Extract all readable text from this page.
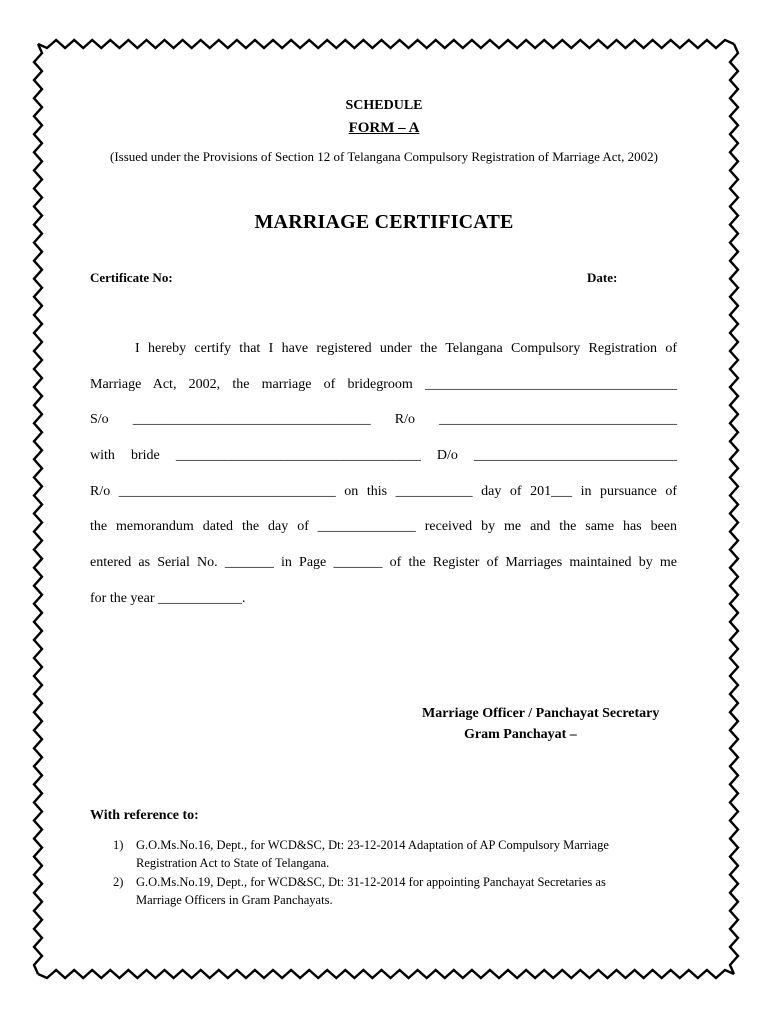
SCHEDULE

FORM – A

(Issued under the Provisions of Section 12 of Telangana Compulsory Registration of Marriage Act, 2002)

MARRIAGE CERTIFICATE

Certificate No:	Date:

I hereby certify that I have registered under the Telangana Compulsory Registration of

Marriage Act, 2002, the marriage of bridegroom ____________________________________

S/o __________________________________ R/o __________________________________

with bride ___________________________________ D/o _____________________________

R/o _______________________________ on this ___________ day of 201___ in pursuance of

the memorandum dated the day of ______________ received by me and the same has been

entered as Serial No. _______ in Page _______ of the Register of Marriages maintained by me

for the year ____________.

Marriage Officer / Panchayat Secretary

Gram Panchayat –

With reference to:

1) G.O.Ms.No.16, Dept., for WCD&SC, Dt: 23-12-2014 Adaptation of AP Compulsory Marriage
Registration Act to State of Telangana.
2) G.O.Ms.No.19, Dept., for WCD&SC, Dt: 31-12-2014 for appointing Panchayat Secretaries as
Marriage Officers in Gram Panchayats.
